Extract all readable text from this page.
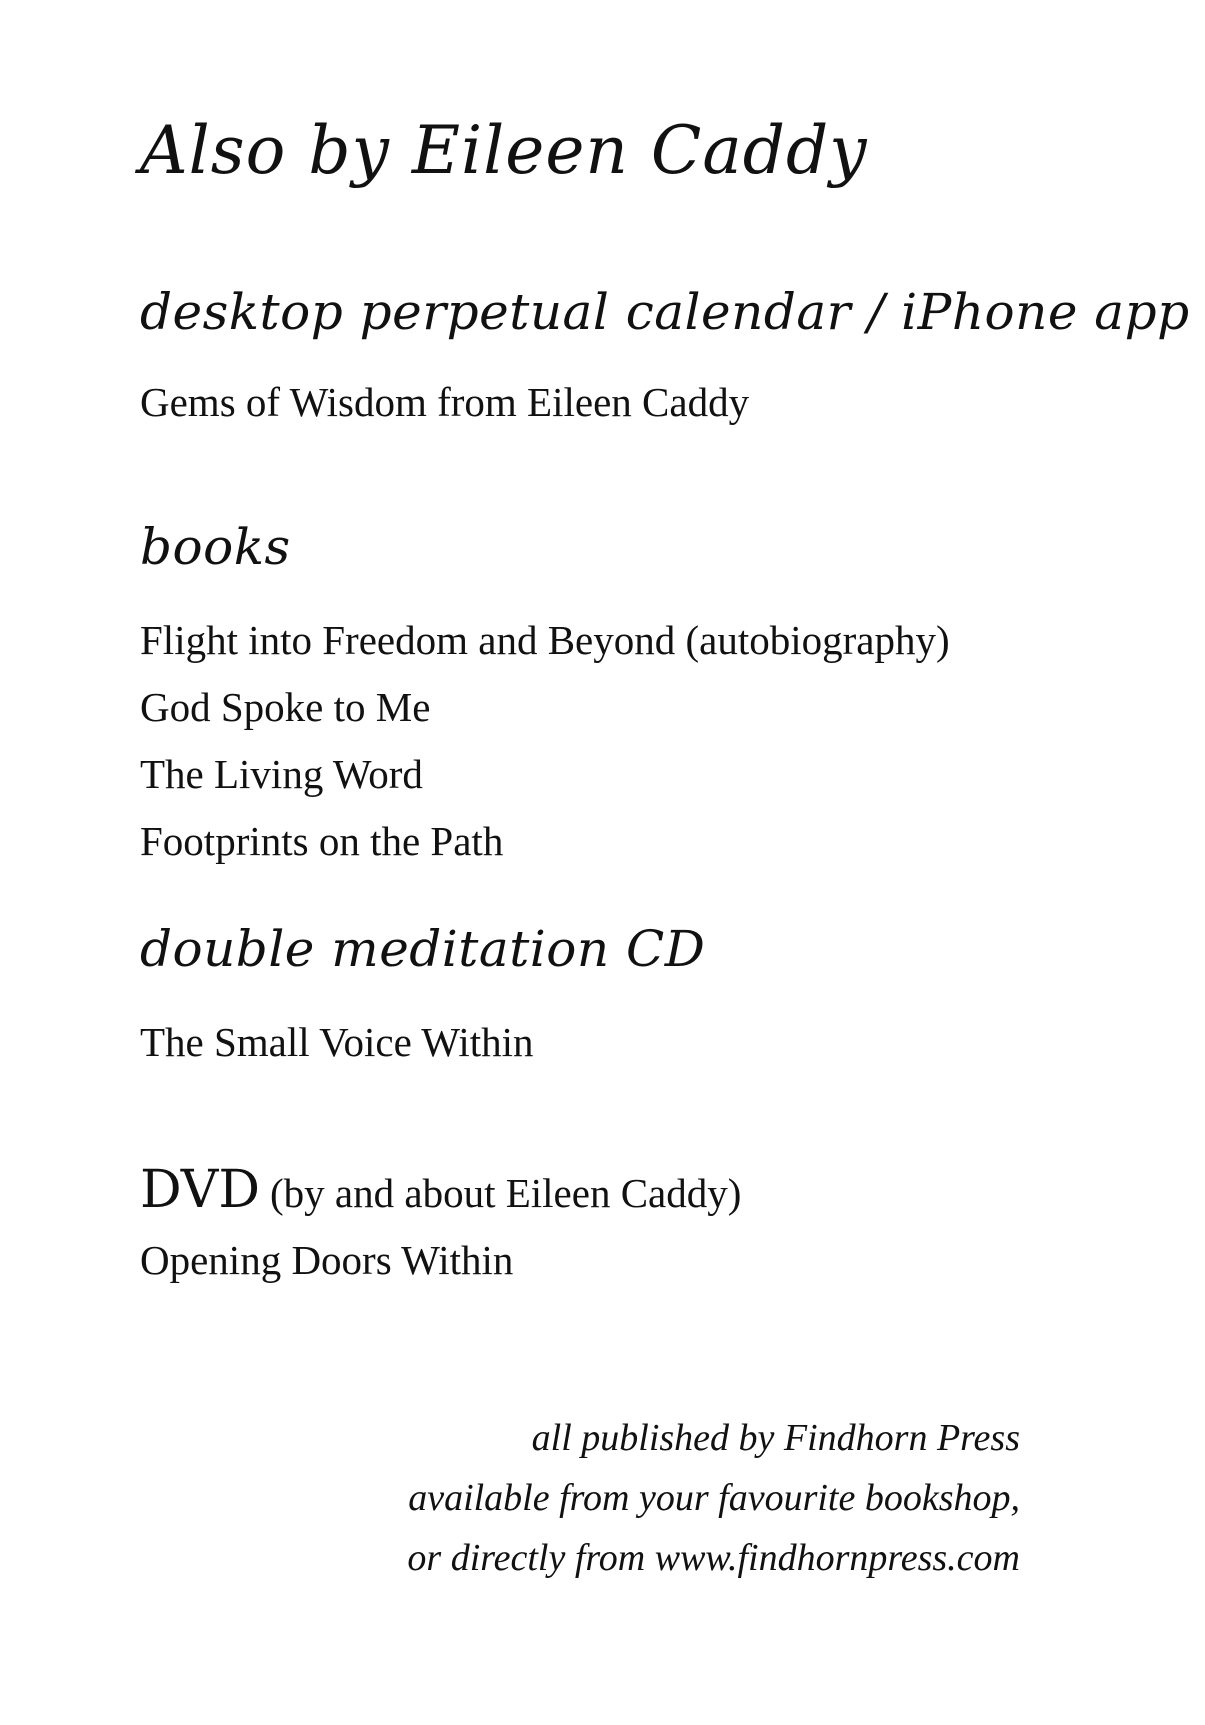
Also by Eileen Caddy
desktop perpetual calendar / iPhone app

Gems of Wisdom from Eileen Caddy

books

Flight into Freedom and Beyond (autobiography)

God Spoke to Me

The Living Word

Footprints on the Path

double meditation CD

The Small Voice Within

DVD (by and about Eileen Caddy)

Opening Doors Within

all published by Findhorn Press
available from your favourite bookshop,
or directly from www.findhornpress.com
